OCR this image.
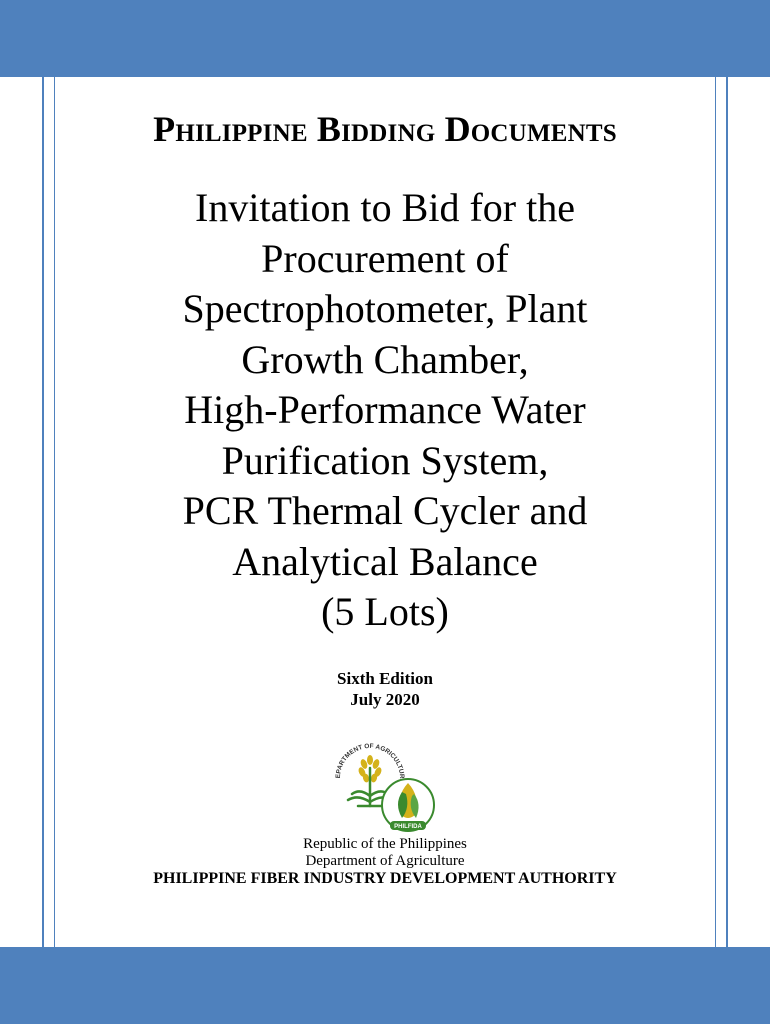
Philippine Bidding Documents
Invitation to Bid for the
Procurement of
Spectrophotometer, Plant
Growth Chamber,
High-Performance Water
Purification System,
PCR Thermal Cycler and
Analytical Balance
(5 Lots)
Sixth Edition
July 2020
EPARTMENT OF AGRICULTUR
PHILFIDA
Republic of the Philippines
Department of Agriculture
PHILIPPINE FIBER INDUSTRY DEVELOPMENT AUTHORITY
